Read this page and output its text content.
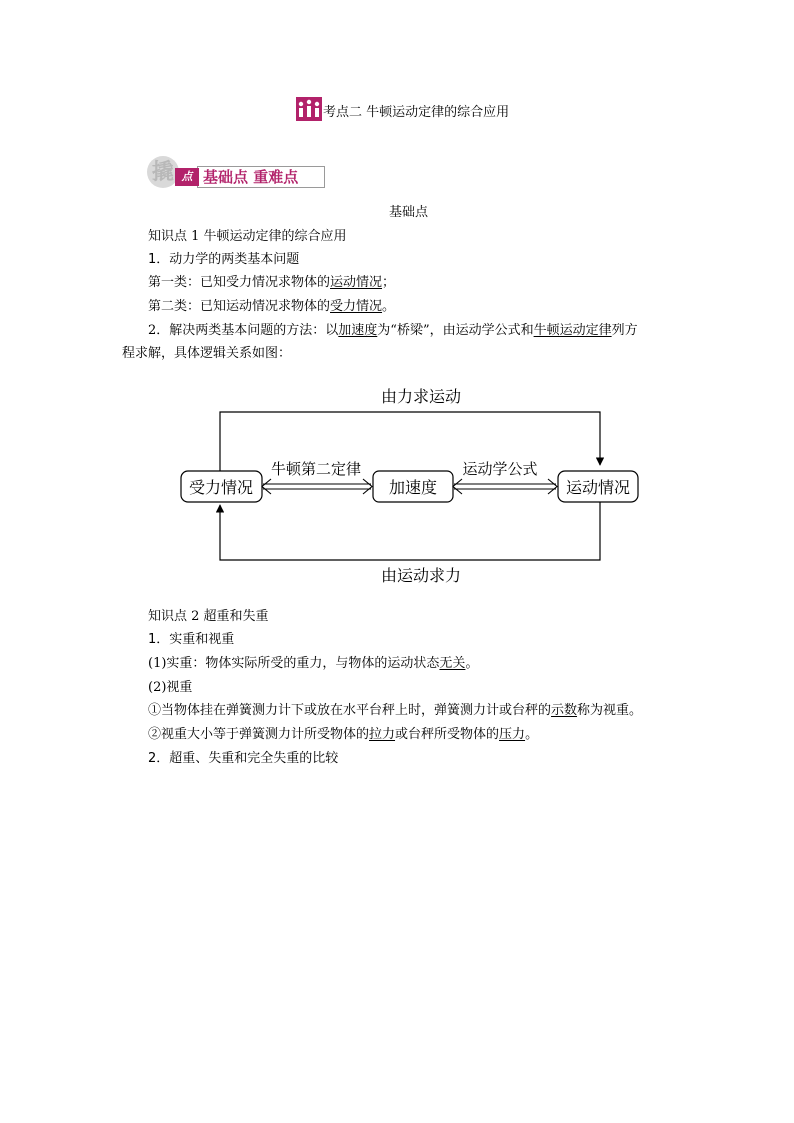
考点二 牛顿运动定律的综合应用
撬 点 基础点 重难点
基础点
知识点 1 牛顿运动定律的综合应用
1．动力学的两类基本问题
第一类：已知受力情况求物体的运动情况；
第二类：已知运动情况求物体的受力情况。
2．解决两类基本问题的方法：以加速度为“桥梁”，由运动学公式和牛顿运动定律列方
程求解，具体逻辑关系如图：
由力求运动
由运动求力
受力情况	加速度	运动情况
牛顿第二定律	运动学公式
知识点 2 超重和失重
1．实重和视重
(1)实重：物体实际所受的重力，与物体的运动状态无关。
(2)视重
①当物体挂在弹簧测力计下或放在水平台秤上时，弹簧测力计或台秤的示数称为视重。
②视重大小等于弹簧测力计所受物体的拉力或台秤所受物体的压力。
2．超重、失重和完全失重的比较
